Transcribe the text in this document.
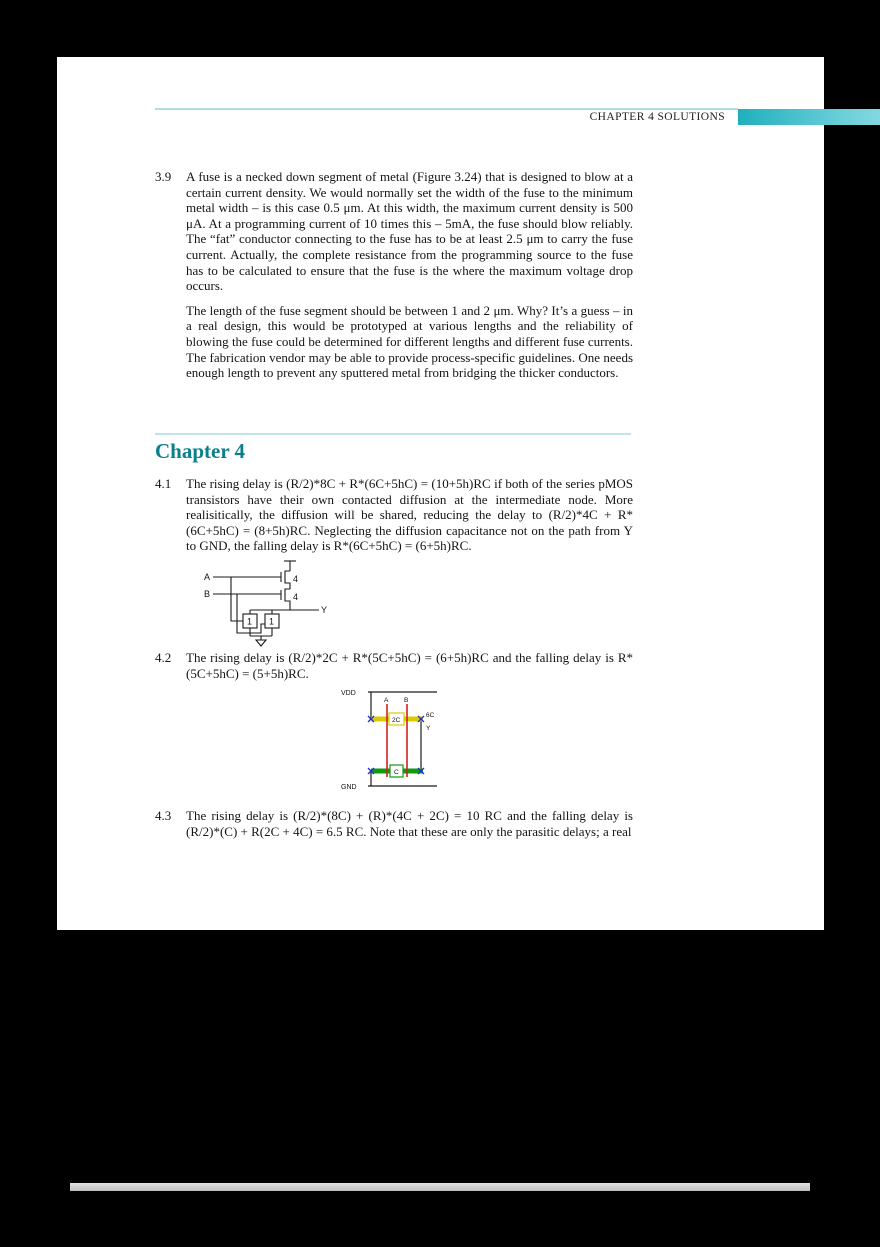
CHAPTER 4 SOLUTIONS
3.9 A fuse is a necked down segment of metal (Figure 3.24) that is designed to blow at a certain current density. We would normally set the width of the fuse to the minimum metal width – is this case 0.5 μm. At this width, the maximum current density is 500 μA. At a programming current of 10 times this – 5mA, the fuse should blow reliably. The “fat” conductor connecting to the fuse has to be at least 2.5 μm to carry the fuse current. Actually, the complete resistance from the programming source to the fuse has to be calculated to ensure that the fuse is the where the maximum voltage drop occurs.

The length of the fuse segment should be between 1 and 2 μm. Why? It’s a guess – in a real design, this would be prototyped at various lengths and the reliability of blowing the fuse could be determined for different lengths and different fuse currents. The fabrication vendor may be able to provide process-specific guidelines. One needs enough length to prevent any sputtered metal from bridging the thicker conductors.

Chapter 4
4.1 The rising delay is (R/2)*8C + R*(6C+5hC) = (10+5h)RC if both of the series pMOS transistors have their own contacted diffusion at the intermediate node. More realisitically, the diffusion will be shared, reducing the delay to (R/2)*4C + R*(6C+5hC) = (8+5h)RC. Neglecting the diffusion capacitance not on the path from Y to GND, the falling delay is R*(6C+5hC) = (6+5h)RC.

A
B
4
4
1 1
Y
4.2 The rising delay is (R/2)*2C + R*(5C+5hC) = (6+5h)RC and the falling delay is R*(5C+5hC) = (5+5h)RC.

VDD
GND
A B
2C
6C
Y
C
4.3 The rising delay is (R/2)*(8C) + (R)*(4C + 2C) = 10 RC and the falling delay is (R/2)*(C) + R(2C + 4C) = 6.5 RC. Note that these are only the parasitic delays; a real
